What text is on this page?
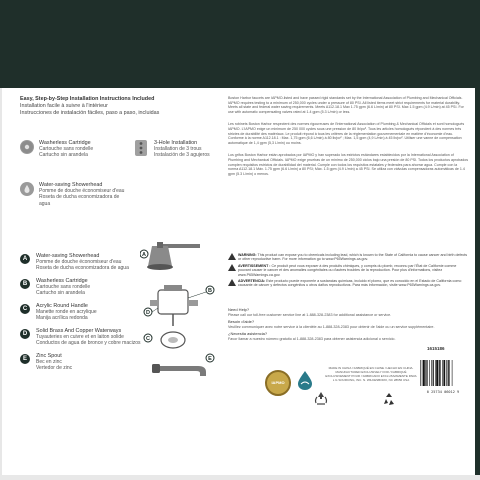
Easy, Step-by-Step Installation Instructions Included
Installation facile à suivre à l'intérieur
Instrucciones de instalación fáciles, paso a paso, incluidas
Washerless Cartridge
Cartouche sans rondelle
Cartucho sin arandela
3-Hole Installation
Installation de 3 trous
Instalación de 3 agujeros
Water-saving Showerhead
Pomme de douche économiseur d'eau
Roseta de ducha economizadora de agua
A	Water-saving Showerhead
Pomme de douche économiseur d'eau
Roseta de ducha economizadora de agua
B	Washerless Cartridge
Cartouche sans rondelle
Cartucho sin arandela
C	Acrylic Round Handle
Manette ronde en acrylique
Manija acrílica redonda
D	Solid Brass And Copper Waterways
Tuyauteries en cuivre et en laiton solide
Conductos de agua de bronce y cobre macizos
E	Zinc Spout
Bec en zinc
Vertedor de zinc
A
B
C
D
E
Boston Harbor faucets are IAPMO-listed and have passed rigid standards set by the International Association of Plumbing and Mechanical Officials. IAPMO requires testing to a minimum of 250,000 cycles under a pressure of 80 PSI. All listed items meet strict requirements for material durability. Meets all state and federal water saving requirements. Meets A112.18.1 Max 1.75 gpm (6.6 L/min) at 80 PSI. Max 1.5 gpm (4.9 L/min) at 45 PSI. For use with automatic compensating valves rated at 1.4 gpm (5.3 L/min) or less.
Les robinets Boston Harbor respectent des normes rigoureuses de l'International Association of Plumbing & Mechanical Officials et sont homologués IAPMO. L'IAPMO exige un minimum de 250 000 cycles sous une pression de 80 lb/po². Tous les articles homologués répondent à des normes très strictes de durabilité des matériaux. Le produit répond à tous les critères de la réglementation gouvernementale en matière d'économie d'eau. Conforme à la norme A112.18.1 : Max. 1,75 gpm (6,6 L/min) à 80 lb/po² ; Max. 1,5 gpm (4,9 L/min) à 45 lb/po². Utiliser une vanne de compensation automatique de 1,4 gpm (5,3 L/min) ou moins.
Los grifos Boston Harbor están aprobados por IAPMO y han superado los estrictos estándares establecidos por la International Association of Plumbing and Mechanical Officials. IAPMO exige pruebas de un mínimo de 250,000 ciclos bajo una presión de 80 PSI. Todos los productos aprobados cumplen requisitos estrictos de durabilidad del material. Cumple con todos los requisitos estatales y federales para ahorrar agua. Cumple con la norma A112.18.1 Máx. 1.75 gpm (6.6 L/min) a 80 PSI; Máx. 1.5 gpm (4.9 L/min) a 45 PSI. Se utiliza con válvulas compensadoras automáticas de 1.4 gpm (5.3 L/min) o menos.
WARNING: This product can expose you to chemicals including lead, which is known to the State of California to cause cancer and birth defects or other reproductive harm. For more information go to www.P65Warnings.ca.gov.
AVERTISSEMENT : Ce produit peut vous exposer à des produits chimiques, y compris du plomb, reconnu par l'État de Californie comme pouvant causer le cancer et des anomalies congénitales ou d'autres troubles de la reproduction. Pour plus d'informations, visitez www.P65Warnings.ca.gov.
ADVERTENCIA: Este producto puede exponerle a sustancias químicas, incluido el plomo, que es conocido en el Estado de California como causante de cáncer y defectos congénitos u otros daños reproductivos. Para más información, visite www.P65Warnings.ca.gov.
Need Help?
Please call our toll-free customer service line at 1-888-328-2383 for additional assistance or service.
Besoin d'aide?
Veuillez communiquer avec notre service à la clientèle au 1-888-328-2383 pour obtenir de l'aide ou un service supplémentaire.
¿Necesita asistencia?
Favor llamar a nuestro número gratuito al 1-888-328-2383 para obtener asistencia adicional o servicio.
1615186
IAPMO
MADE IN CHINA / FABRIQUÉ EN CHINE / HECHO EN CHINA. MANUFACTURED EXCLUSIVELY FOR / FABRIQUÉ EXCLUSIVEMENT POUR / FABRICADO EXCLUSIVAMENTE PARA L G SOURCING, INC. N. WILKESBORO, NC 28656 USA
0 25734 06012 9
